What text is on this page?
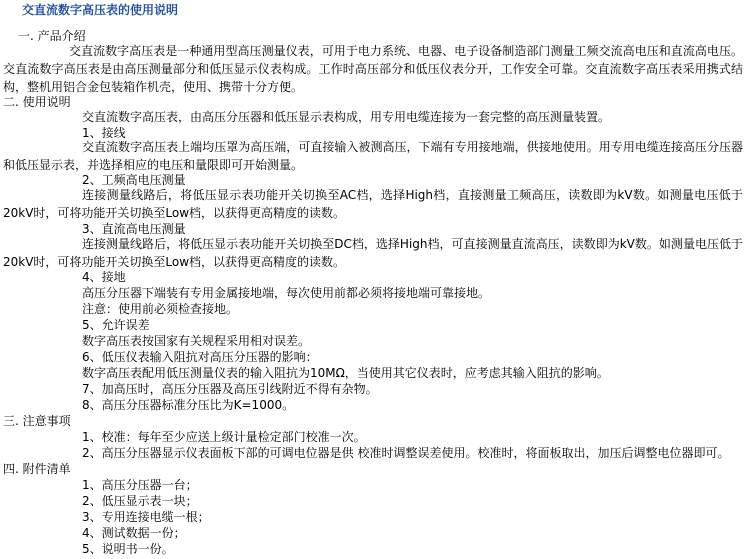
交直流数字高压表的使用说明
一. 产品介绍
交直流数字高压表是一种通用型高压测量仪表，可用于电力系统、电器、电子设备制造部门测量工频交流高电压和直流高电压。交直流数字高压表是由高压测量部分和低压显示仪表构成。工作时高压部分和低压仪表分开，工作安全可靠。交直流数字高压表采用携式结构，整机用铝合金包装箱作机壳，使用、携带十分方便。
二. 使用说明
交直流数字高压表，由高压分压器和低压显示表构成，用专用电缆连接为一套完整的高压测量装置。
1、接线
交直流数字高压表上端均压罩为高压端，可直接输入被测高压，下端有专用接地端，供接地使用。用专用电缆连接高压分压器和低压显示表，并选择相应的电压和量限即可开始测量。
2、工频高电压测量
连接测量线路后，将低压显示表功能开关切换至AC档，选择High档，直接测量工频高压，读数即为kV数。如测量电压低于20kV时，可将功能开关切换至Low档，以获得更高精度的读数。
3、直流高电压测量
连接测量线路后，将低压显示表功能开关切换至DC档，选择High档，可直接测量直流高压，读数即为kV数。如测量电压低于20kV时，可将功能开关切换至Low档，以获得更高精度的读数。
4、接地
高压分压器下端装有专用金属接地端，每次使用前都必须将接地端可靠接地。
注意：使用前必须检查接地。
5、允许误差
数字高压表按国家有关规程采用相对误差。
6、低压仪表输入阻抗对高压分压器的影响：
数字高压表配用低压测量仪表的输入阻抗为10MΩ，当使用其它仪表时，应考虑其输入阻抗的影响。
7、加高压时，高压分压器及高压引线附近不得有杂物。
8、高压分压器标准分压比为K=1000。
三. 注意事项
1、校准：每年至少应送上级计量检定部门校准一次。
2、高压分压器显示仪表面板下部的可调电位器是供 校准时调整误差使用。校准时，将面板取出，加压后调整电位器即可。
四. 附件清单
1、高压分压器一台；
2、低压显示表一块；
3、专用连接电缆一根；
4、测试数据一份；
5、说明书一份。
